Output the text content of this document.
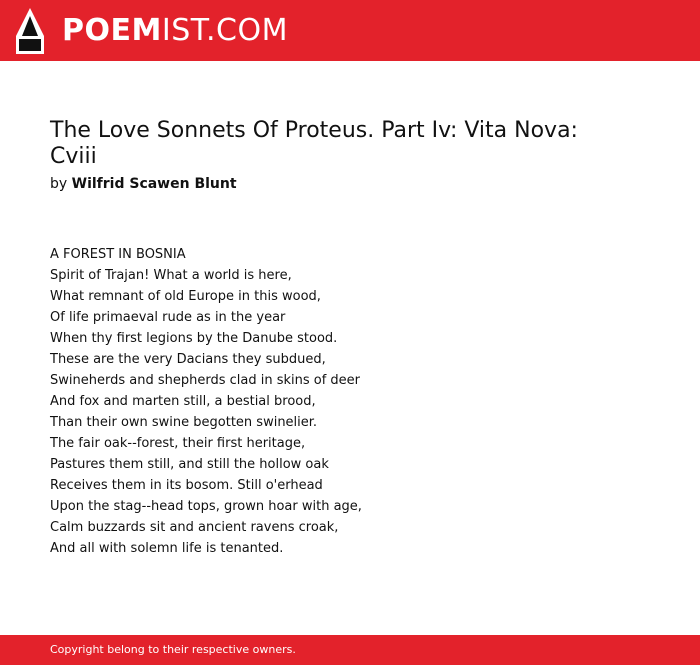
POEMIST.COM
The Love Sonnets Of Proteus. Part Iv: Vita Nova: Cviii
by Wilfrid Scawen Blunt
A FOREST IN BOSNIA
Spirit of Trajan! What a world is here,
What remnant of old Europe in this wood,
Of life primaeval rude as in the year
When thy first legions by the Danube stood.
These are the very Dacians they subdued,
Swineherds and shepherds clad in skins of deer
And fox and marten still, a bestial brood,
Than their own swine begotten swinelier.
The fair oak--forest, their first heritage,
Pastures them still, and still the hollow oak
Receives them in its bosom. Still o'erhead
Upon the stag--head tops, grown hoar with age,
Calm buzzards sit and ancient ravens croak,
And all with solemn life is tenanted.
Copyright belong to their respective owners.
